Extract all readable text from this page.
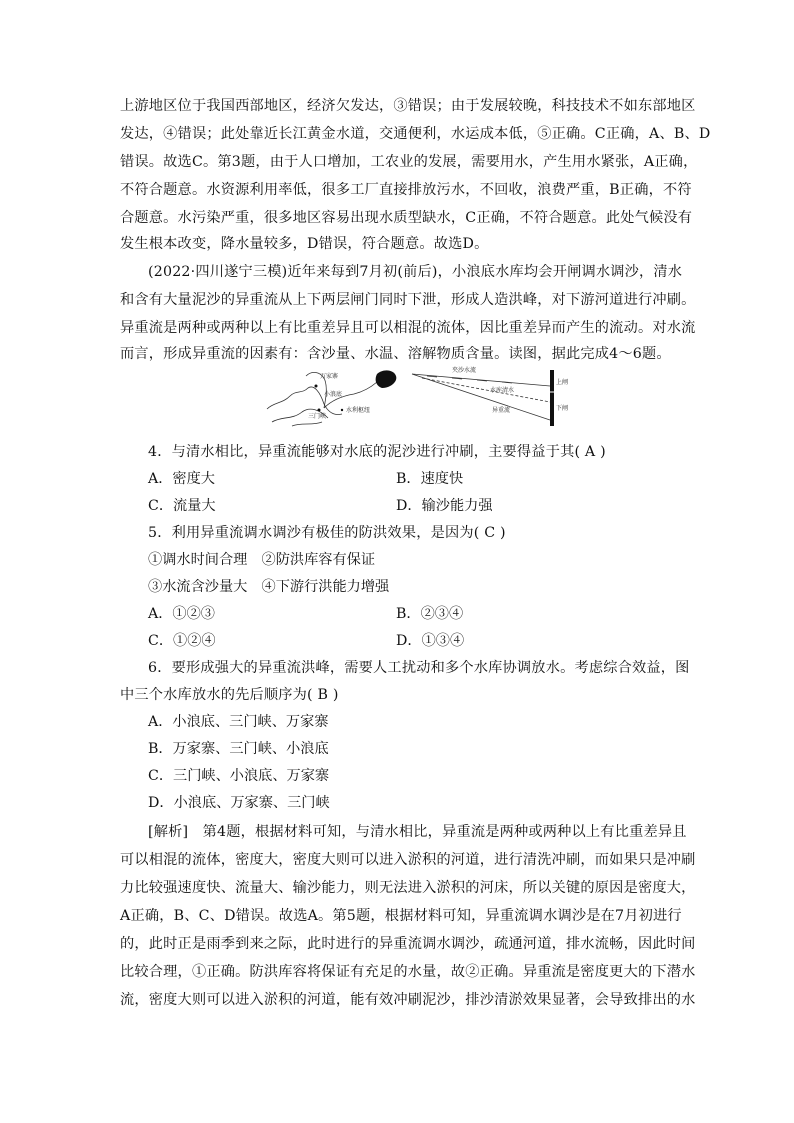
上游地区位于我国西部地区，经济欠发达，③错误；由于发展较晚，科技技术不如东部地区
发达，④错误；此处靠近长江黄金水道，交通便利，水运成本低，⑤正确。C正确，A、B、D
错误。故选C。第3题，由于人口增加，工农业的发展，需要用水，产生用水紧张，A正确，
不符合题意。水资源利用率低，很多工厂直接排放污水，不回收，浪费严重，B正确，不符
合题意。水污染严重，很多地区容易出现水质型缺水，C正确，不符合题意。此处气候没有
发生根本改变，降水量较多，D错误，符合题意。故选D。
(2022·四川遂宁三模)近年来每到7月初(前后)，小浪底水库均会开闸调水调沙，清水
和含有大量泥沙的异重流从上下两层闸门同时下泄，形成人造洪峰，对下游河道进行冲刷。
异重流是两种或两种以上有比重差异且可以相混的流体，因比重差异而产生的流动。对水流
而言，形成异重流的因素有：含沙量、水温、溶解物质含量。读图，据此完成4～6题。
万家寨
小浪底
三门峡
水利枢纽
夹沙水流
水库清水
异重流
上闸
下闸
4．与清水相比，异重流能够对水底的泥沙进行冲刷，主要得益于其( A )
A．密度大	B．速度快
C．流量大	D．输沙能力强
5．利用异重流调水调沙有极佳的防洪效果，是因为( C )
①调水时间合理　②防洪库容有保证
③水流含沙量大　④下游行洪能力增强
A．①②③	B．②③④
C．①②④	D．①③④
6．要形成强大的异重流洪峰，需要人工扰动和多个水库协调放水。考虑综合效益，图
中三个水库放水的先后顺序为( B )
A．小浪底、三门峡、万家寨
B．万家寨、三门峡、小浪底
C．三门峡、小浪底、万家寨
D．小浪底、万家寨、三门峡
[解析]　第4题，根据材料可知，与清水相比，异重流是两种或两种以上有比重差异且
可以相混的流体，密度大，密度大则可以进入淤积的河道，进行清洗冲刷，而如果只是冲刷
力比较强速度快、流量大、输沙能力，则无法进入淤积的河床，所以关键的原因是密度大，
A正确，B、C、D错误。故选A。第5题，根据材料可知，异重流调水调沙是在7月初进行
的，此时正是雨季到来之际，此时进行的异重流调水调沙，疏通河道，排水流畅，因此时间
比较合理，①正确。防洪库容将保证有充足的水量，故②正确。异重流是密度更大的下潜水
流，密度大则可以进入淤积的河道，能有效冲刷泥沙，排沙清淤效果显著，会导致排出的水
